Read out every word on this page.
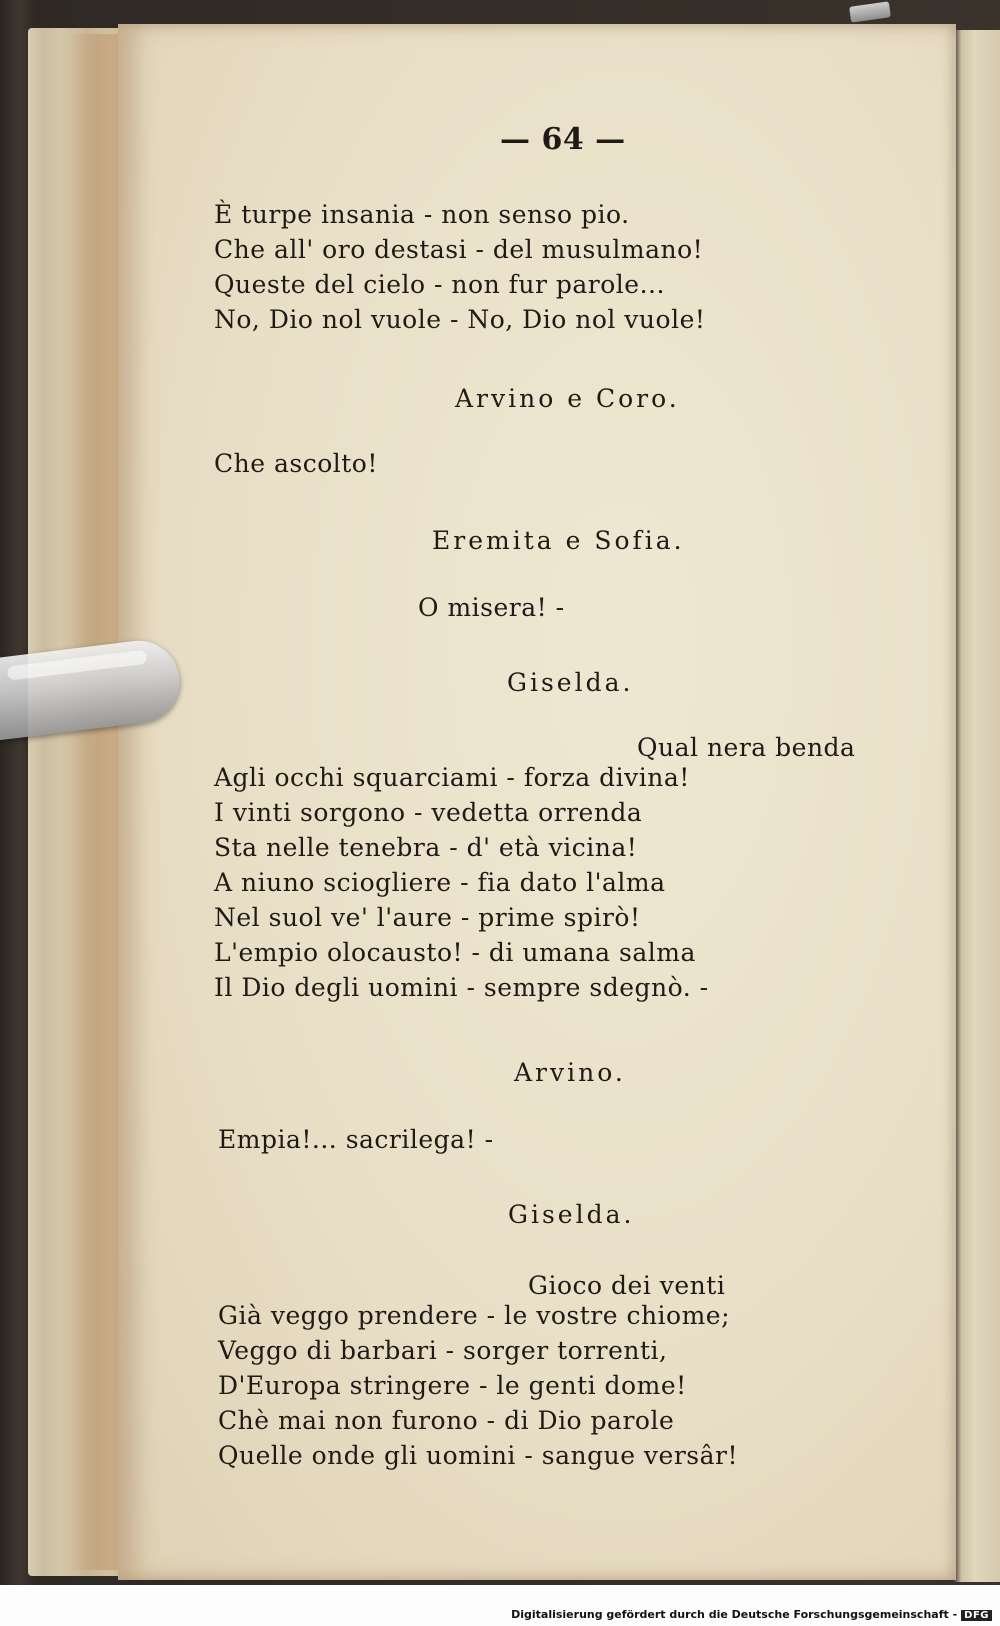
— 64 —
È turpe insania - non senso pio.
Che all' oro destasi - del musulmano!
Queste del cielo - non fur parole...
No, Dio nol vuole - No, Dio nol vuole!
Arvino e Coro.
Che ascolto!
Eremita e Sofia.
O misera! -
Giselda.
Qual nera benda
Agli occhi squarciami - forza divina!
I vinti sorgono - vedetta orrenda
Sta nelle tenebra - d' età vicina!
A niuno sciogliere - fia dato l'alma
Nel suol ve' l'aure - prime spirò!
L'empio olocausto! - di umana salma
Il Dio degli uomini - sempre sdegnò. -
Arvino.
Empia!... sacrilega! -
Giselda.
Gioco dei venti
Già veggo prendere - le vostre chiome;
Veggo di barbari - sorger torrenti,
D'Europa stringere - le genti dome!
Chè mai non furono - di Dio parole
Quelle onde gli uomini - sangue versâr!
Digitalisierung gefördert durch die Deutsche Forschungsgemeinschaft - DFG
